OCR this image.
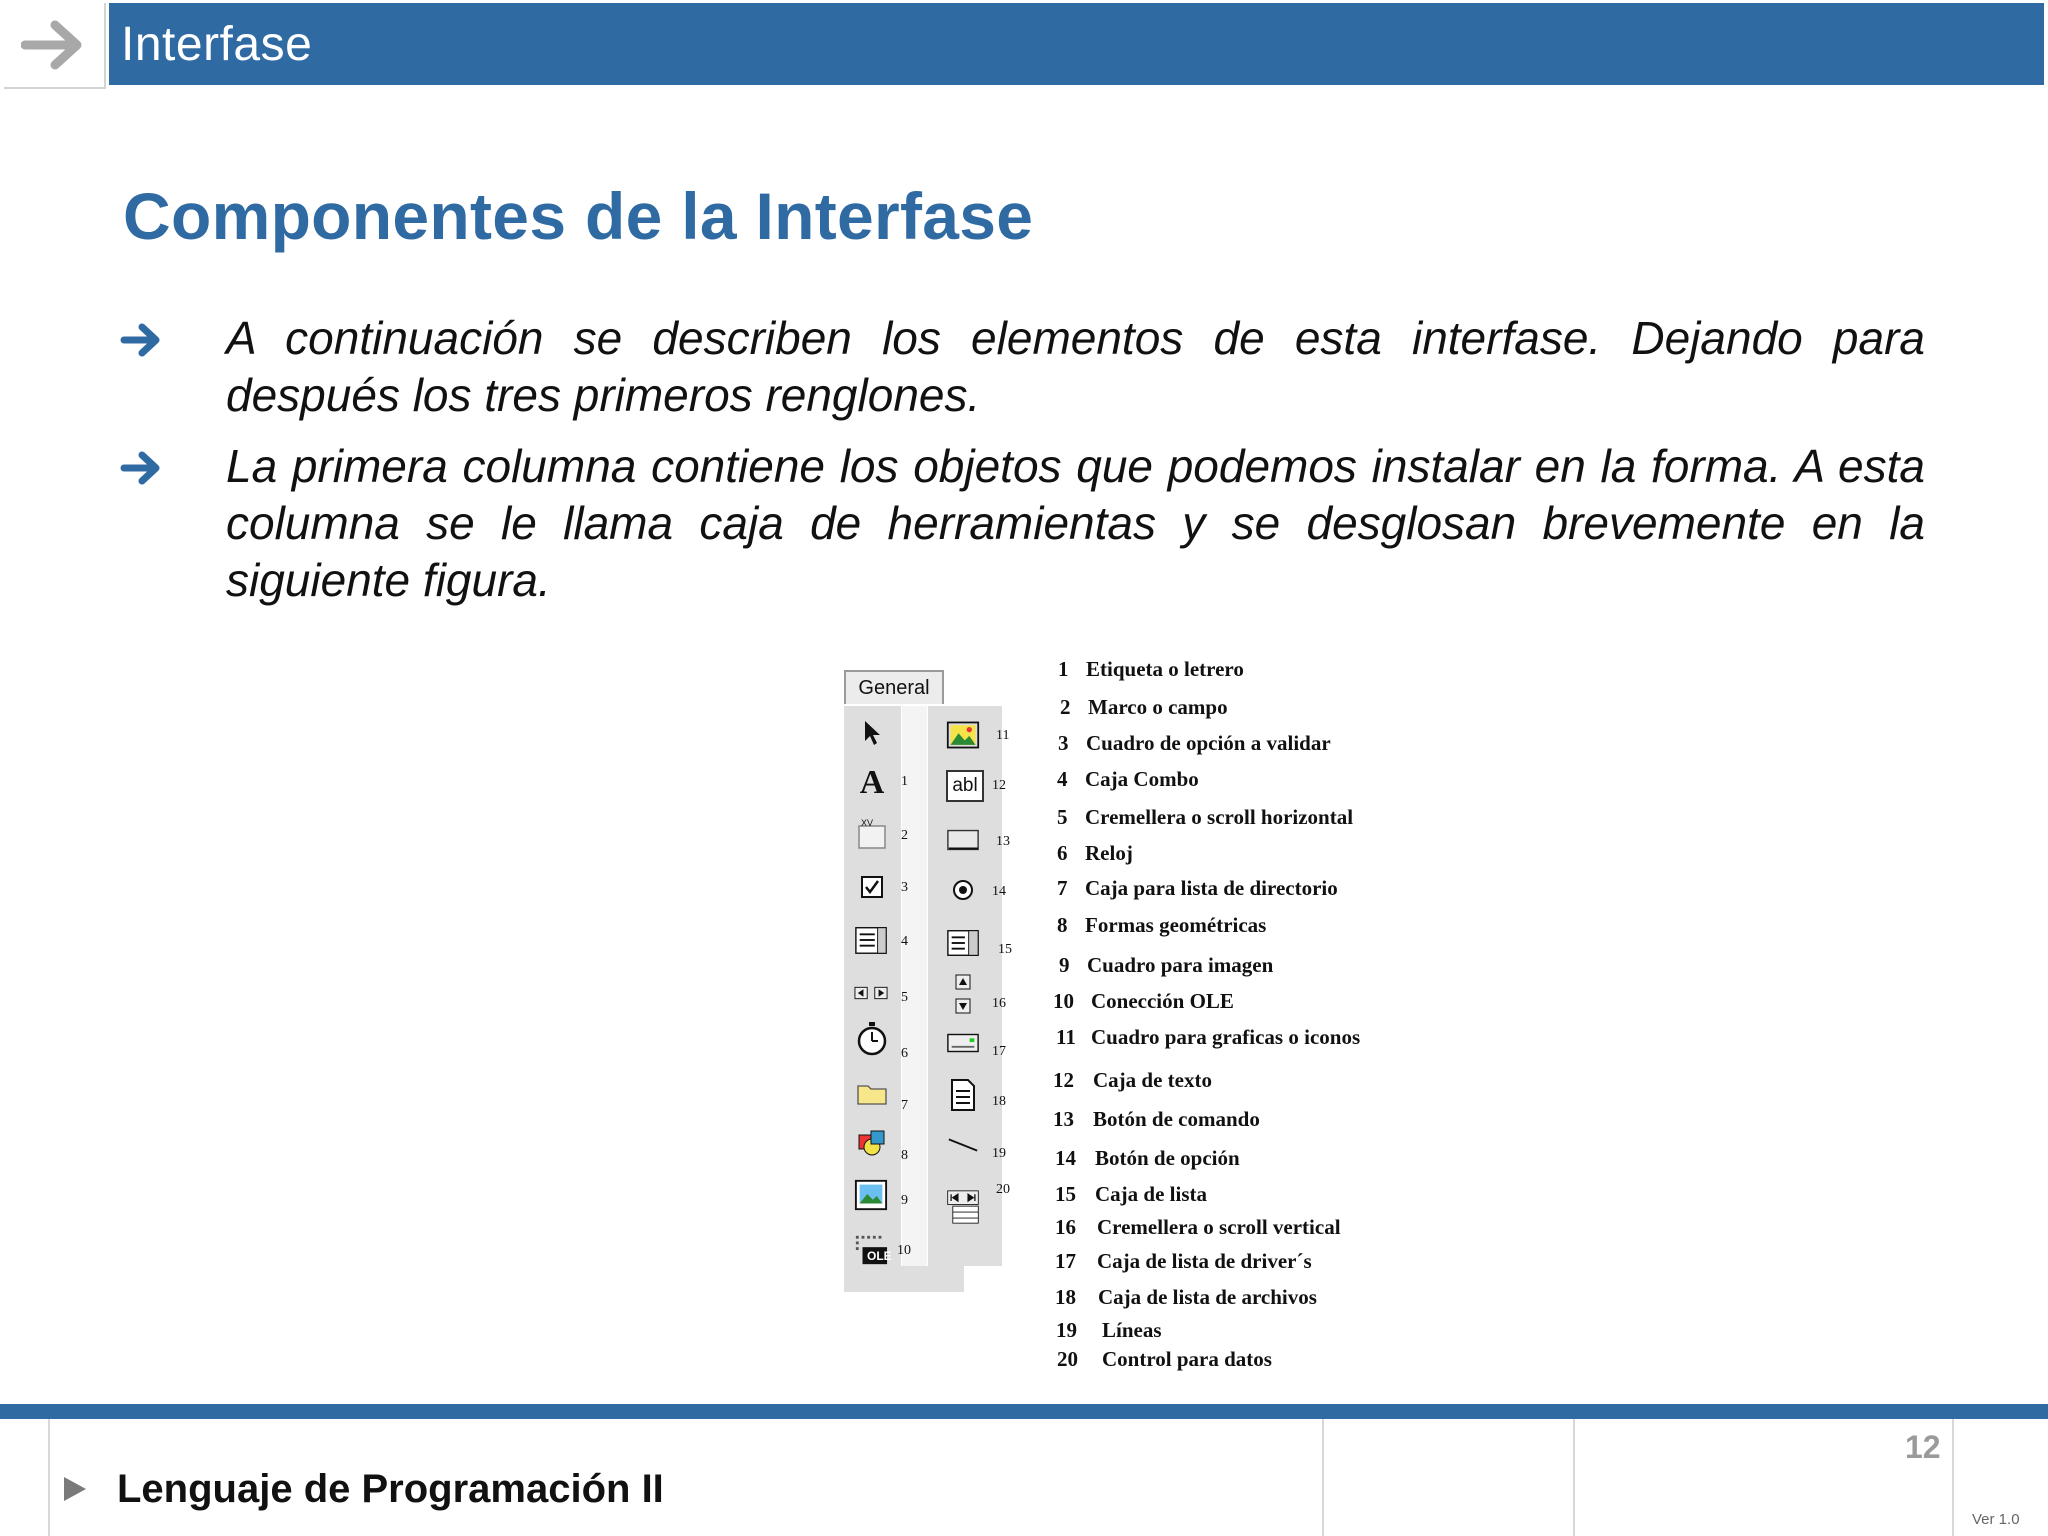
Interfase
Componentes de la Interfase
A continuación se describen los elementos de esta interfase. Dejando para después los tres primeros renglones.
La primera columna contiene los objetos que podemos instalar en la forma. A esta columna se le llama caja de herramientas y se desglosan brevemente en la siguiente figura.
General
A
XV
OLE
abl
1
2
3
4
5
6
7
8
9
10
11
12
13
14
15
16
17
18
19
20
1 Etiqueta o letrero
2 Marco o campo
3 Cuadro de opción a validar
4 Caja Combo
5 Cremellera o scroll horizontal
6 Reloj
7 Caja para lista de directorio
8 Formas geométricas
9 Cuadro para imagen
10 Conección OLE
11 Cuadro para graficas o iconos
12 Caja de texto
13 Botón de comando
14 Botón de opción
15 Caja de lista
16 Cremellera o scroll vertical
17 Caja de lista de driver´s
18 Caja de lista de archivos
19 Líneas
20 Control para datos
Lenguaje de Programación II
12
Ver 1.0
